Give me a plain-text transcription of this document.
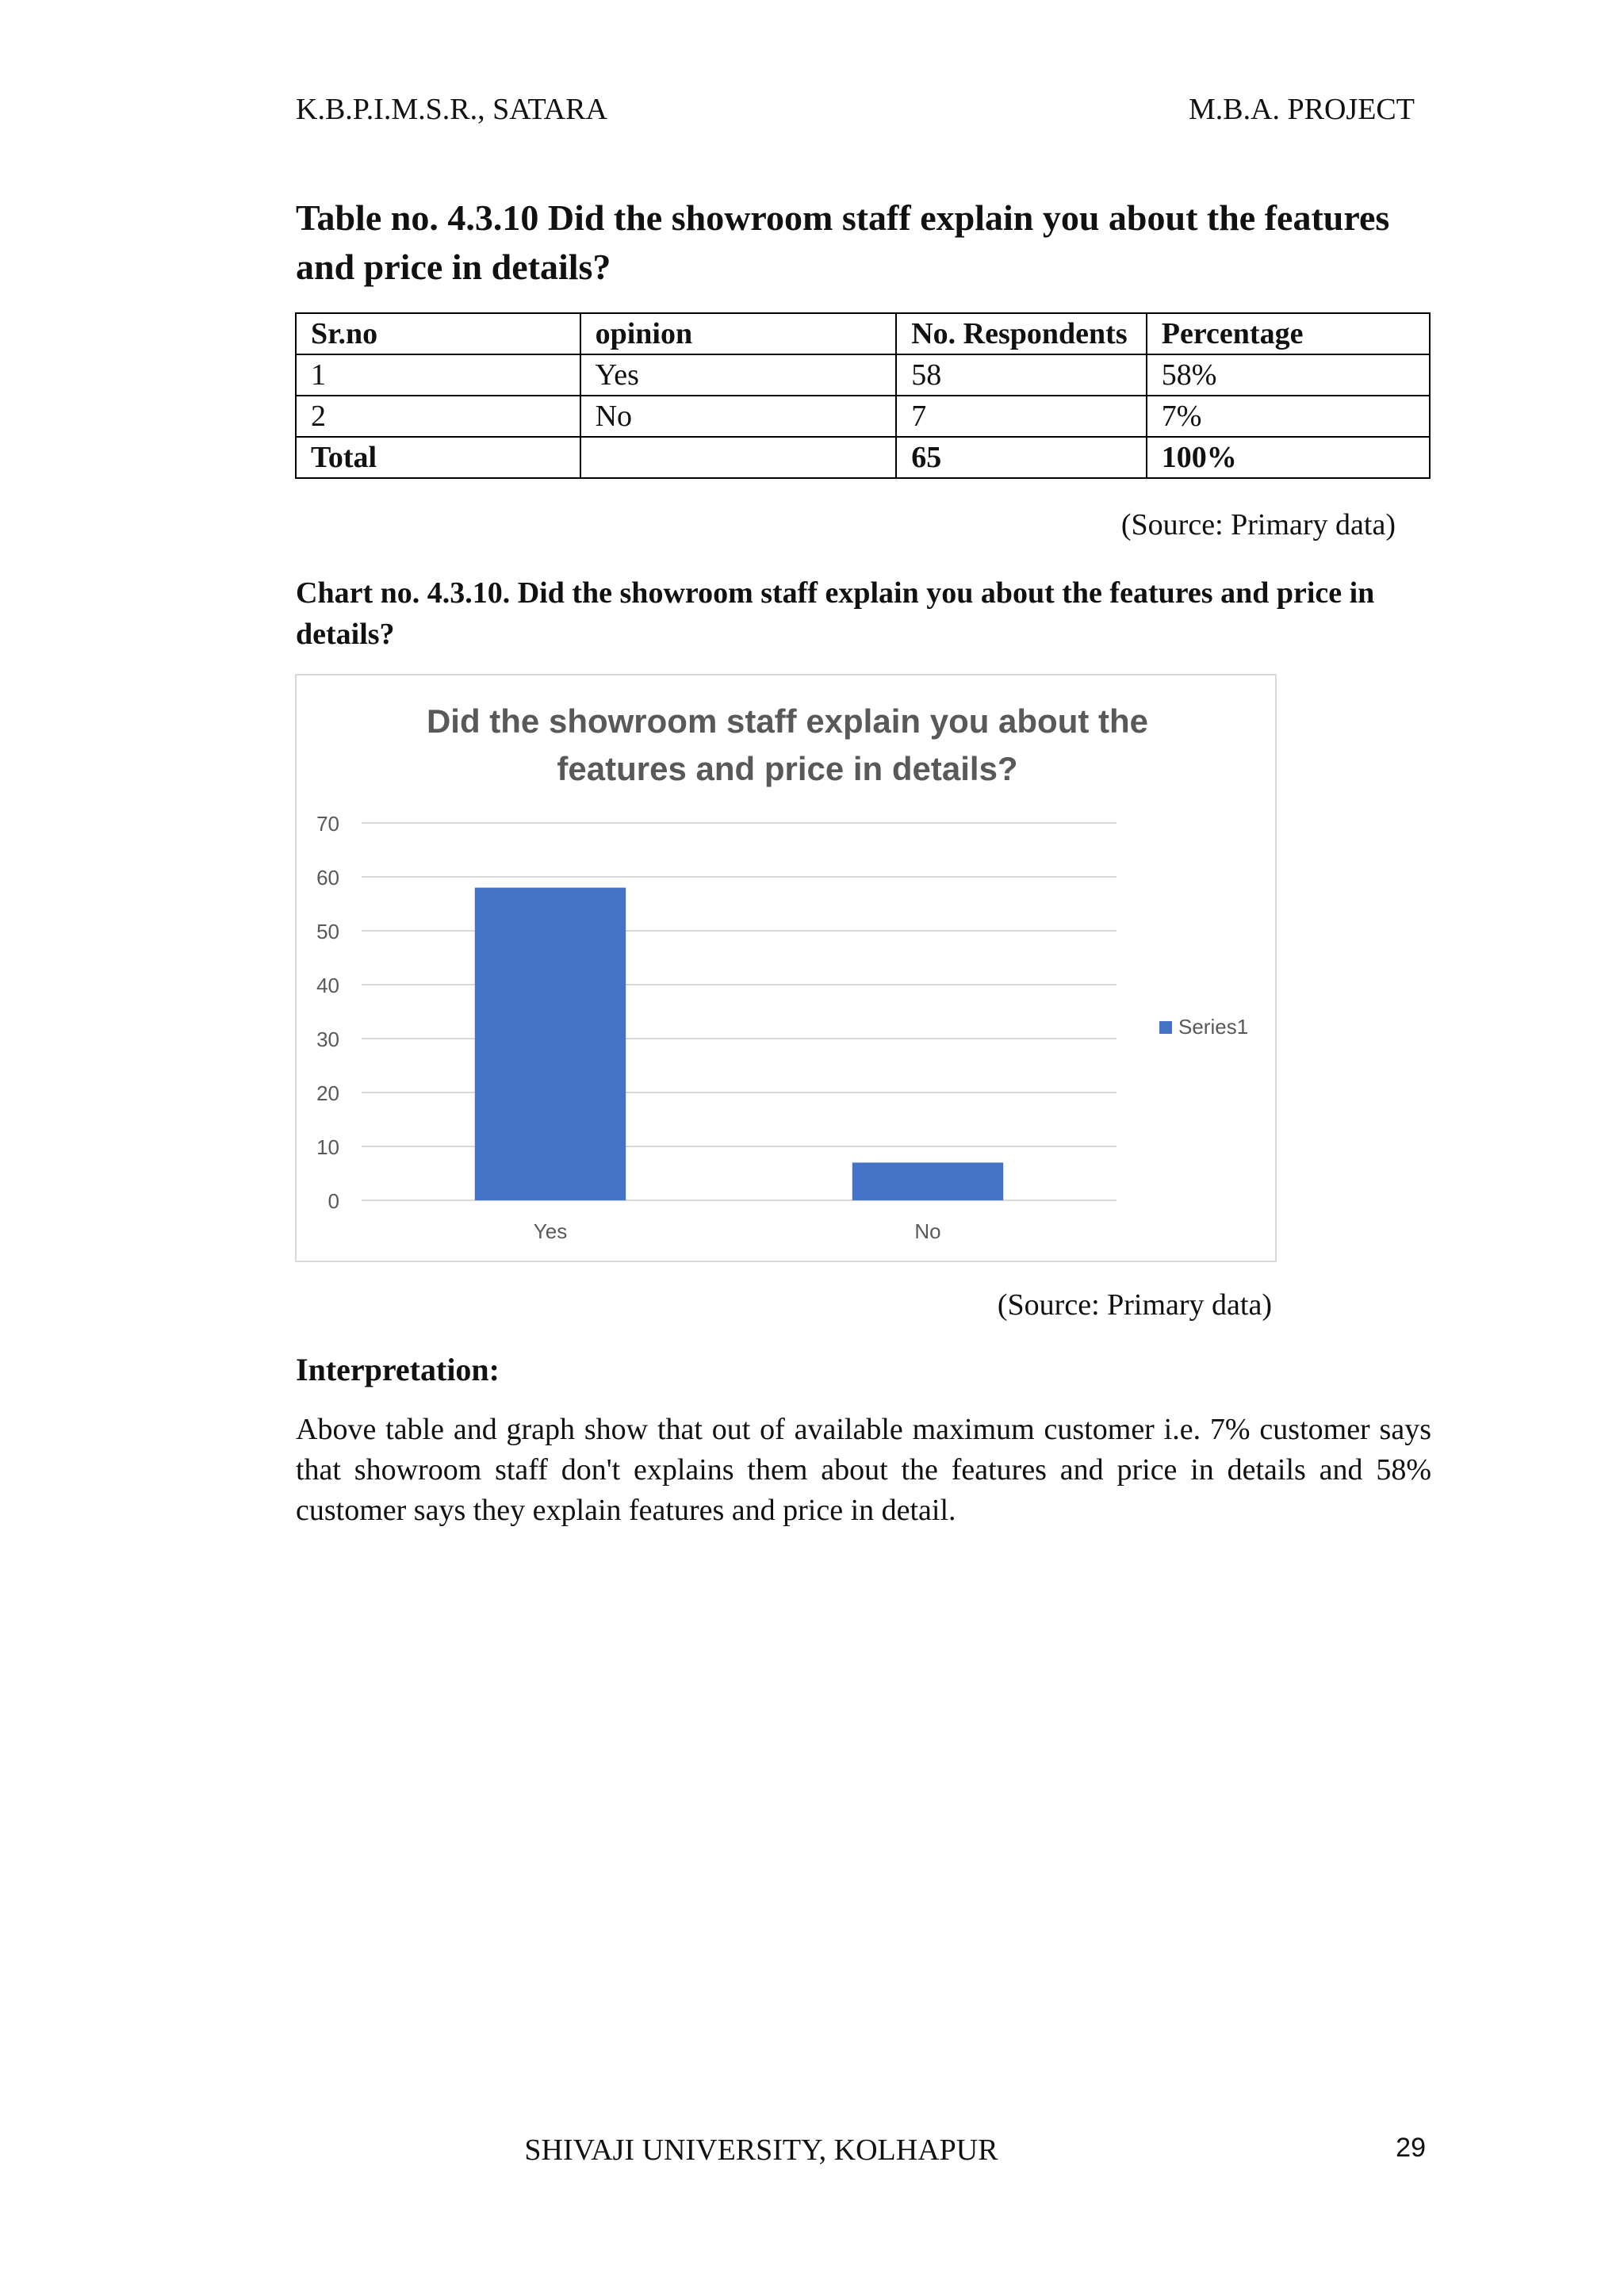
K.B.P.I.M.S.R., SATARA	M.B.A. PROJECT
Table no. 4.3.10 Did the showroom staff explain you about the features and price in details?
Sr.no	opinion	No. Respondents	Percentage
1	Yes	58	58%
2	No	7	7%
Total		65	100%
(Source: Primary data)
Chart no. 4.3.10. Did the showroom staff explain you about the features and price in details?
Did the showroom staff explain you about the
features and price in details?
0
10
20
30
40
50
60
70
Yes	No
Series1
(Source: Primary data)
Interpretation:
Above table and graph show that out of available maximum customer i.e. 7% customer says that showroom staff don't explains them about the features and price in details and 58% customer says they explain features and price in detail.
SHIVAJI UNIVERSITY, KOLHAPUR	29
